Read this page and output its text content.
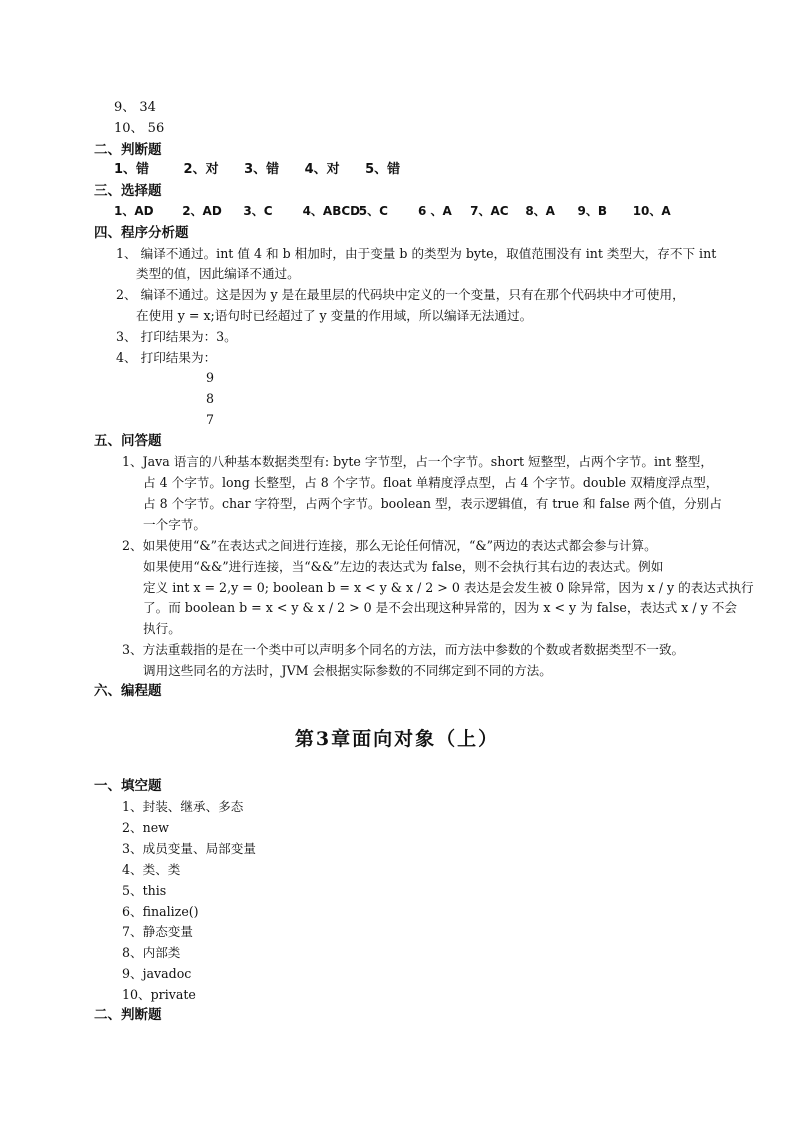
9、 34
10、 56
二、判断题
1、错	2、对 3、错 4、对 5、错
三、选择题
1、AD 2、AD 3、C	4、ABCD 5、C	6 、A 7、AC 8、A 9、B 10、A
四、程序分析题
1、 编译不通过。int 值 4 和 b 相加时，由于变量 b 的类型为 byte，取值范围没有 int 类型大，存不下 int
类型的值，因此编译不通过。
2、 编译不通过。这是因为 y 是在最里层的代码块中定义的一个变量，只有在那个代码块中才可使用，
在使用 y = x;语句时已经超过了 y 变量的作用域，所以编译无法通过。
3、 打印结果为：3。
4、 打印结果为：
9
8
7
五、问答题
1、Java 语言的八种基本数据类型有: byte 字节型，占一个字节。short 短整型，占两个字节。int 整型，
占 4 个字节。long 长整型，占 8 个字节。float 单精度浮点型，占 4 个字节。double 双精度浮点型，
占 8 个字节。char 字符型，占两个字节。boolean 型，表示逻辑值，有 true 和 false 两个值，分别占
一个字节。
2、如果使用“&”在表达式之间进行连接，那么无论任何情况，“&”两边的表达式都会参与计算。
如果使用“&&”进行连接，当“&&”左边的表达式为 false，则不会执行其右边的表达式。例如
定义 int x = 2,y = 0; boolean b = x < y & x / 2 > 0 表达是会发生被 0 除异常，因为 x / y 的表达式执行
了。而 boolean b = x < y & x / 2 > 0 是不会出现这种异常的，因为 x < y 为 false，表达式 x / y 不会
执行。
3、方法重载指的是在一个类中可以声明多个同名的方法，而方法中参数的个数或者数据类型不一致。
调用这些同名的方法时，JVM 会根据实际参数的不同绑定到不同的方法。
六、编程题
第3章面向对象（上）
一、填空题
1、封装、继承、多态
2、new
3、成员变量、局部变量
4、类、类
5、this
6、finalize()
7、静态变量
8、内部类
9、javadoc
10、private
二、判断题
